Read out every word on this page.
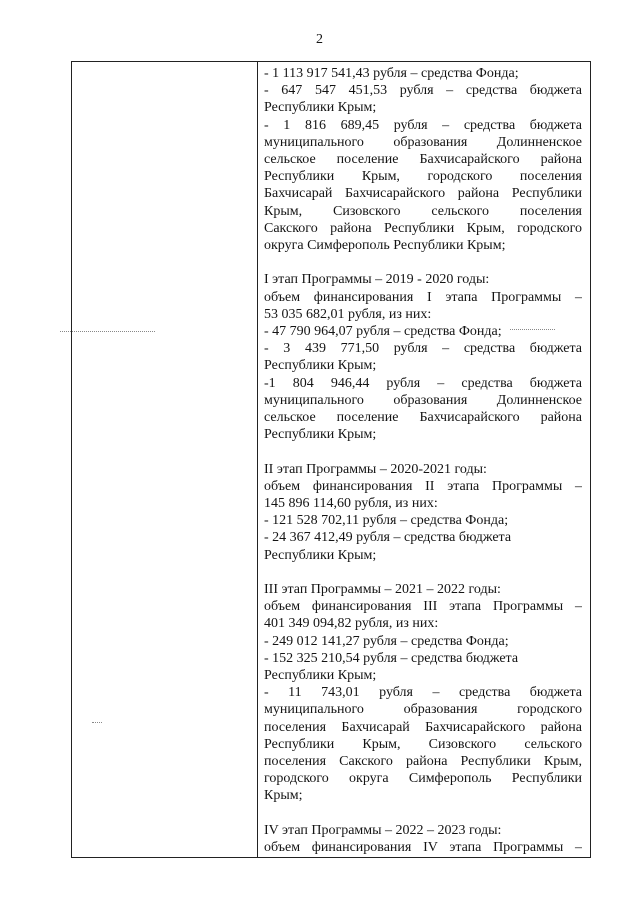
2
- 1 113 917 541,43 рубля – средства Фонда;
- 647 547 451,53 рубля – средства бюджета
Республики Крым;
- 1 816 689,45 рубля – средства бюджета
муниципального образования Долинненское
сельское поселение Бахчисарайского района
Республики Крым, городского поселения
Бахчисарай Бахчисарайского района Республики
Крым, Сизовского сельского поселения
Сакского района Республики Крым, городского
округа Симферополь Республики Крым;
I этап Программы – 2019 - 2020 годы:
объем финансирования I этапа Программы –
53 035 682,01 рубля, из них:
- 47 790 964,07 рубля – средства Фонда;
- 3 439 771,50 рубля – средства бюджета
Республики Крым;
-1 804 946,44 рубля – средства бюджета
муниципального образования Долинненское
сельское поселение Бахчисарайского района
Республики Крым;
II этап Программы – 2020-2021 годы:
объем финансирования II этапа Программы –
145 896 114,60 рубля, из них:
- 121 528 702,11 рубля – средства Фонда;
- 24 367 412,49 рубля – средства бюджета
Республики Крым;
III этап Программы – 2021 – 2022 годы:
объем финансирования III этапа Программы –
401 349 094,82 рубля, из них:
- 249 012 141,27 рубля – средства Фонда;
- 152 325 210,54 рубля – средства бюджета
Республики Крым;
- 11 743,01 рубля – средства бюджета
муниципального образования городского
поселения Бахчисарай Бахчисарайского района
Республики Крым, Сизовского сельского
поселения Сакского района Республики Крым,
городского округа Симферополь Республики
Крым;
IV этап Программы – 2022 – 2023 годы:
объем финансирования IV этапа Программы –
